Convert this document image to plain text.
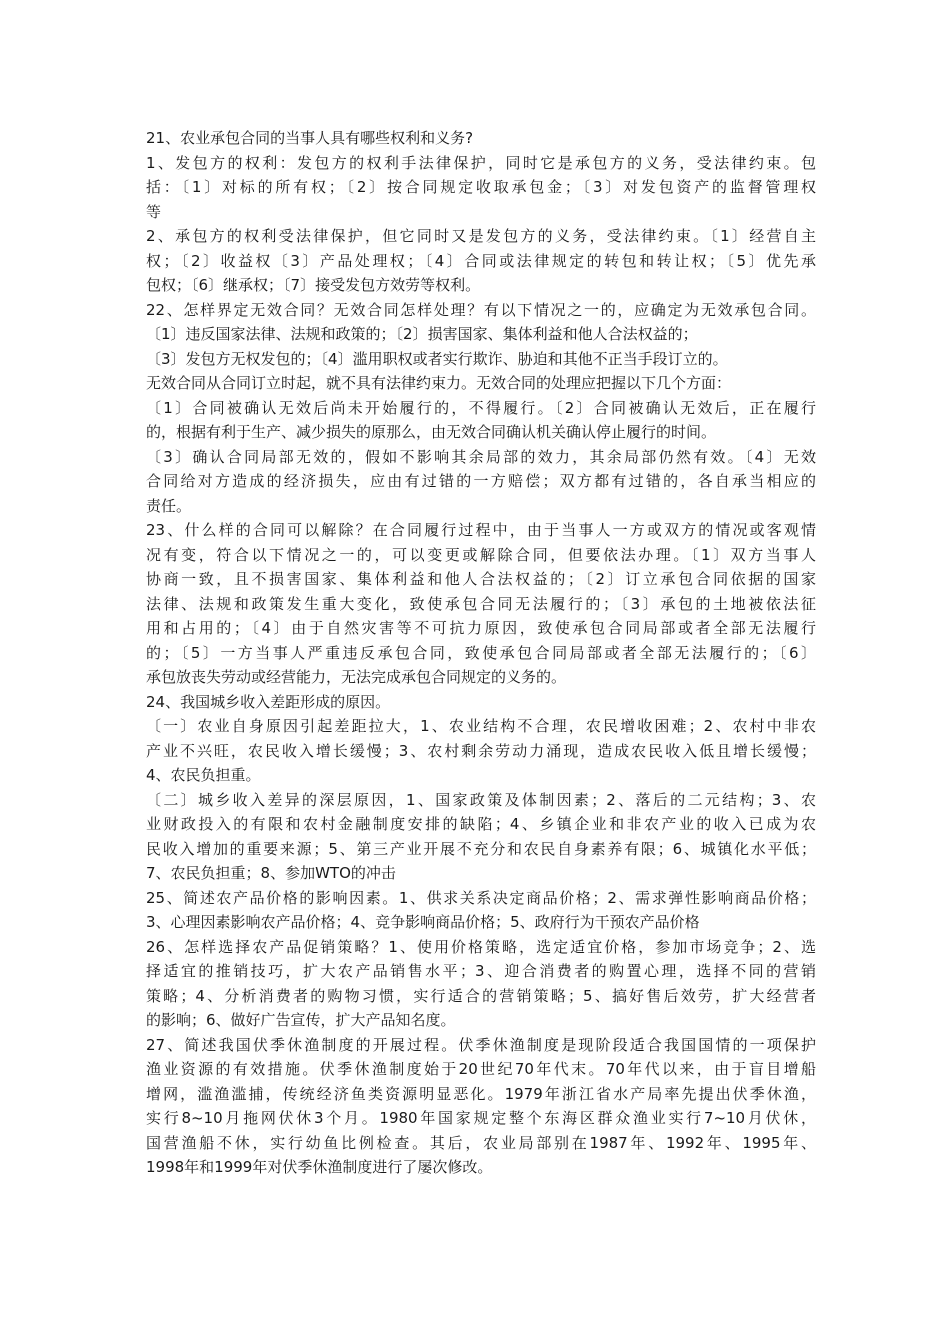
21、农业承包合同的当事人具有哪些权利和义务?
1、发包方的权利：发包方的权利手法律保护，同时它是承包方的义务，受法律约束。包
括：〔1〕对标的所有权；〔2〕按合同规定收取承包金；〔3〕对发包资产的监督管理权
等
2、承包方的权利受法律保护，但它同时又是发包方的义务，受法律约束。〔1〕经营自主
权；〔2〕收益权〔3〕产品处理权；〔4〕合同或法律规定的转包和转让权；〔5〕优先承
包权；〔6〕继承权；〔7〕接受发包方效劳等权利。
22、怎样界定无效合同？无效合同怎样处理？有以下情况之一的，应确定为无效承包合同。
〔1〕违反国家法律、法规和政策的；〔2〕损害国家、集体利益和他人合法权益的；
〔3〕发包方无权发包的；〔4〕滥用职权或者实行欺诈、胁迫和其他不正当手段订立的。
无效合同从合同订立时起，就不具有法律约束力。无效合同的处理应把握以下几个方面：
〔1〕合同被确认无效后尚未开始履行的，不得履行。〔2〕合同被确认无效后，正在履行
的，根据有利于生产、减少损失的原那么，由无效合同确认机关确认停止履行的时间。
〔3〕确认合同局部无效的，假如不影响其余局部的效力，其余局部仍然有效。〔4〕无效
合同给对方造成的经济损失，应由有过错的一方赔偿；双方都有过错的，各自承当相应的
责任。
23、什么样的合同可以解除？在合同履行过程中，由于当事人一方或双方的情况或客观情
况有变，符合以下情况之一的，可以变更或解除合同，但要依法办理。〔1〕双方当事人
协商一致，且不损害国家、集体利益和他人合法权益的；〔2〕订立承包合同依据的国家
法律、法规和政策发生重大变化，致使承包合同无法履行的；〔3〕承包的土地被依法征
用和占用的；〔4〕由于自然灾害等不可抗力原因，致使承包合同局部或者全部无法履行
的；〔5〕一方当事人严重违反承包合同，致使承包合同局部或者全部无法履行的；〔6〕
承包放丧失劳动或经营能力，无法完成承包合同规定的义务的。
24、我国城乡收入差距形成的原因。
〔一〕农业自身原因引起差距拉大，1、农业结构不合理，农民增收困难；2、农村中非农
产业不兴旺，农民收入增长缓慢；3、农村剩余劳动力涌现，造成农民收入低且增长缓慢；
4、农民负担重。
〔二〕城乡收入差异的深层原因，1、国家政策及体制因素；2、落后的二元结构；3、农
业财政投入的有限和农村金融制度安排的缺陷；4、乡镇企业和非农产业的收入已成为农
民收入增加的重要来源；5、第三产业开展不充分和农民自身素养有限；6、城镇化水平低；
7、农民负担重；8、参加WTO的冲击
25、简述农产品价格的影响因素。1、供求关系决定商品价格；2、需求弹性影响商品价格；
3、心理因素影响农产品价格；4、竞争影响商品价格；5、政府行为干预农产品价格
26、怎样选择农产品促销策略？1、使用价格策略，选定适宜价格，参加市场竞争；2、选
择适宜的推销技巧，扩大农产品销售水平；3、迎合消费者的购置心理，选择不同的营销
策略；4、分析消费者的购物习惯，实行适合的营销策略；5、搞好售后效劳，扩大经营者
的影响；6、做好广告宣传，扩大产品知名度。
27、简述我国伏季休渔制度的开展过程。伏季休渔制度是现阶段适合我国国情的一项保护
渔业资源的有效措施。伏季休渔制度始于20世纪70年代末。70年代以来，由于盲目增船
增网，滥渔滥捕，传统经济鱼类资源明显恶化。1979年浙江省水产局率先提出伏季休渔，
实行8~10月拖网伏休3个月。1980年国家规定整个东海区群众渔业实行7~10月伏休，
国营渔船不休，实行幼鱼比例检查。其后，农业局部别在1987年、1992年、1995年、
1998年和1999年对伏季休渔制度进行了屡次修改。
